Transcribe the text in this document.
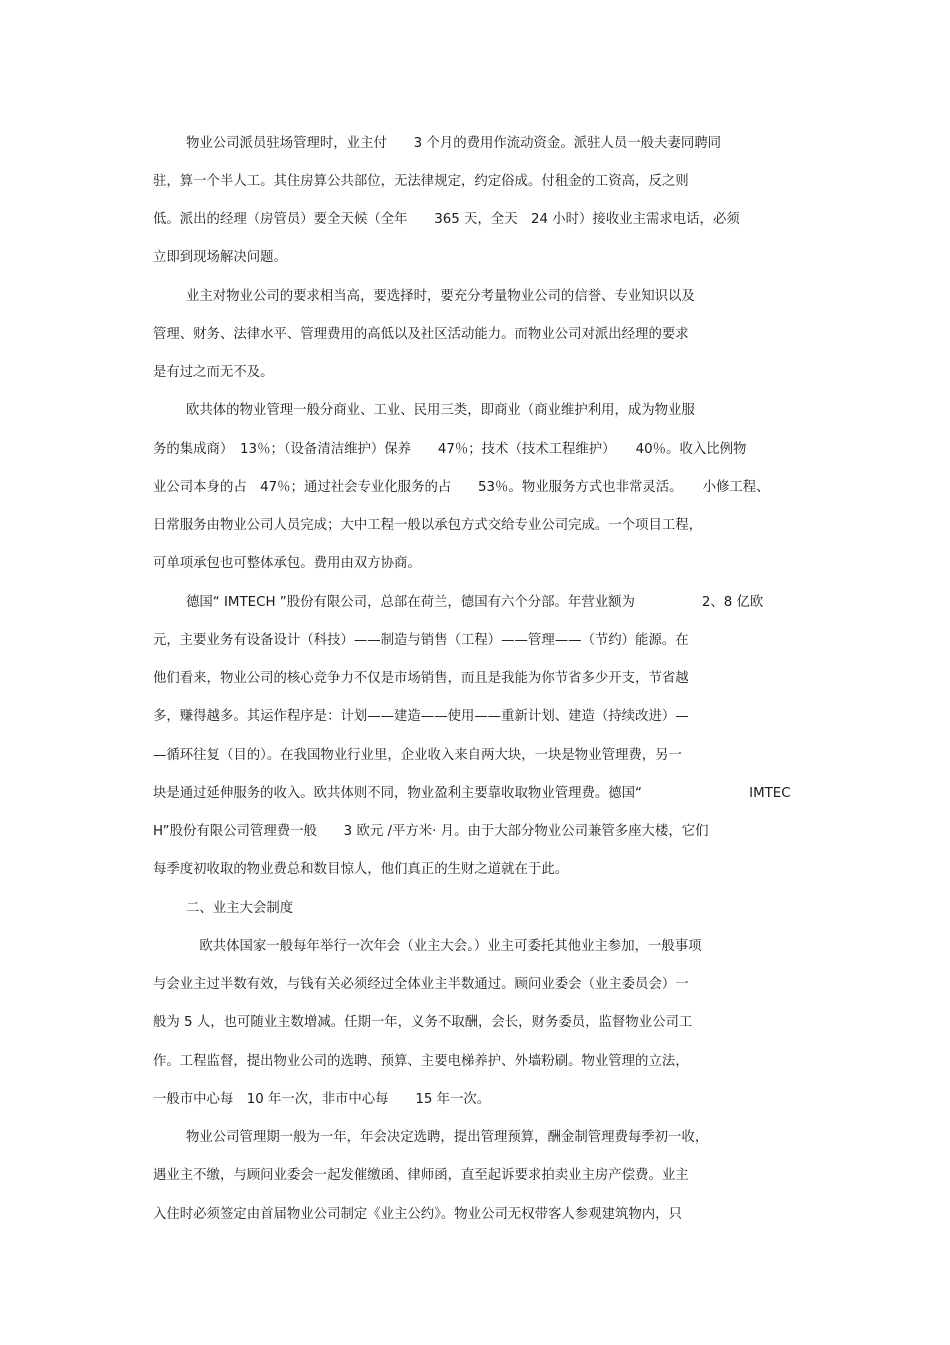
物业公司派员驻场管理时，业主付　　3 个月的费用作流动资金。派驻人员一般夫妻同聘同
驻，算一个半人工。其住房算公共部位，无法律规定，约定俗成。付租金的工资高，反之则
低。派出的经理（房管员）要全天候（全年　　365 天，全天　24 小时）接收业主需求电话，必须
立即到现场解决问题。
业主对物业公司的要求相当高，要选择时，要充分考量物业公司的信誉、专业知识以及
管理、财务、法律水平、管理费用的高低以及社区活动能力。而物业公司对派出经理的要求
是有过之而无不及。
欧共体的物业管理一般分商业、工业、民用三类，即商业（商业维护利用，成为物业服
务的集成商）　13％；（设备清洁维护）保养　　47％；技术（技术工程维护）　　40％。收入比例物
业公司本身的占　47％；通过社会专业化服务的占　　53％。物业服务方式也非常灵活。　　小修工程、
日常服务由物业公司人员完成；大中工程一般以承包方式交给专业公司完成。一个项目工程，
可单项承包也可整体承包。费用由双方协商。
德国“ IMTECH ”股份有限公司，总部在荷兰，德国有六个分部。年营业额为　　　　　2、8 亿欧
元，主要业务有设备设计（科技）——制造与销售（工程）——管理——（节约）能源。在
他们看来，物业公司的核心竞争力不仅是市场销售，而且是我能为你节省多少开支，节省越
多，赚得越多。其运作程序是：计划——建造——使用——重新计划、建造（持续改进）—
—循环往复（目的）。在我国物业行业里，企业收入来自两大块，一块是物业管理费，另一
块是通过延伸服务的收入。欧共体则不同，物业盈利主要靠收取物业管理费。德国“　　　　　　　　IMTEC
H”股份有限公司管理费一般　　3 欧元 /平方米· 月。由于大部分物业公司兼管多座大楼，它们
每季度初收取的物业费总和数目惊人，他们真正的生财之道就在于此。
二、业主大会制度
　欧共体国家一般每年举行一次年会（业主大会。）业主可委托其他业主参加，一般事项
与会业主过半数有效，与钱有关必须经过全体业主半数通过。顾问业委会（业主委员会）一
般为 5 人，也可随业主数增减。任期一年，义务不取酬，会长，财务委员，监督物业公司工
作。工程监督，提出物业公司的选聘、预算、主要电梯养护、外墙粉刷。物业管理的立法，
一般市中心每　10 年一次，非市中心每　　15 年一次。
物业公司管理期一般为一年，年会决定选聘，提出管理预算，酬金制管理费每季初一收，
遇业主不缴，与顾问业委会一起发催缴函、律师函，直至起诉要求拍卖业主房产偿费。业主
入住时必须签定由首届物业公司制定《业主公约》。物业公司无权带客人参观建筑物内，只
